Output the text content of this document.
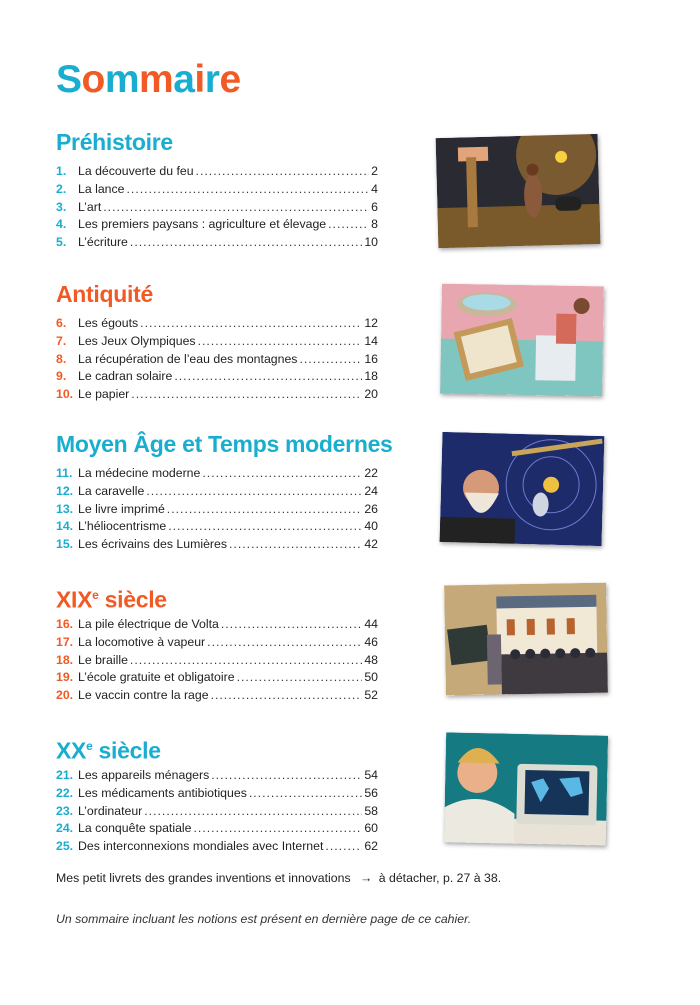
Sommaire
Préhistoire
1. La découverte du feu .....	2
2. La lance .....	4
3. L’art .....	6
4. Les premiers paysans : agriculture et élevage .....	8
5. L’écriture .....	10
Antiquité
6. Les égouts .....	12
7. Les Jeux Olympiques .....	14
8. La récupération de l’eau des montagnes .....	16
9. Le cadran solaire .....	18
10. Le papier .....	20
Moyen Âge et Temps modernes
11. La médecine moderne .....	22
12. La caravelle .....	24
13. Le livre imprimé .....	26
14. L’héliocentrisme .....	40
15. Les écrivains des Lumières .....	42
XIXe siècle
16. La pile électrique de Volta .....	44
17. La locomotive à vapeur .....	46
18. Le braille .....	48
19. L’école gratuite et obligatoire .....	50
20. Le vaccin contre la rage .....	52
XXe siècle
21. Les appareils ménagers .....	54
22. Les médicaments antibiotiques .....	56
23. L’ordinateur .....	58
24. La conquête spatiale .....	60
25. Des interconnexions mondiales avec Internet .....	62
Mes petit livrets des grandes inventions et innovations → à détacher, p. 27 à 38.
Un sommaire incluant les notions est présent en dernière page de ce cahier.
